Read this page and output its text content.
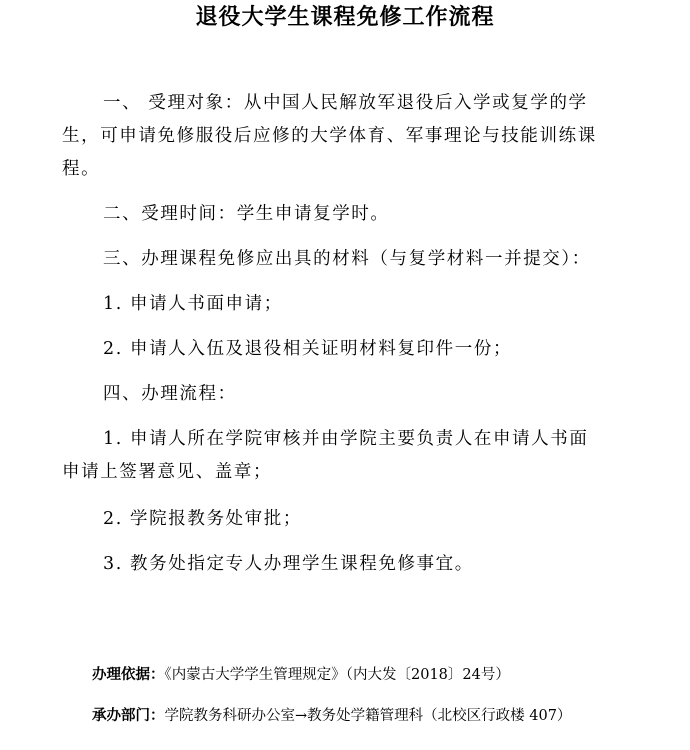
退役大学生课程免修工作流程
一、 受理对象：从中国人民解放军退役后入学或复学的学
生，可申请免修服役后应修的大学体育、军事理论与技能训练课
程。
二、受理时间：学生申请复学时。
三、办理课程免修应出具的材料（与复学材料一并提交）：
1. 申请人书面申请；
2. 申请人入伍及退役相关证明材料复印件一份；
四、办理流程：
1. 申请人所在学院审核并由学院主要负责人在申请人书面
申请上签署意见、盖章；
2. 学院报教务处审批；
3. 教务处指定专人办理学生课程免修事宜。
办理依据：《内蒙古大学学生管理规定》（内大发〔2018〕24号）
承办部门：学院教务科研办公室→教务处学籍管理科（北校区行政楼 407）
